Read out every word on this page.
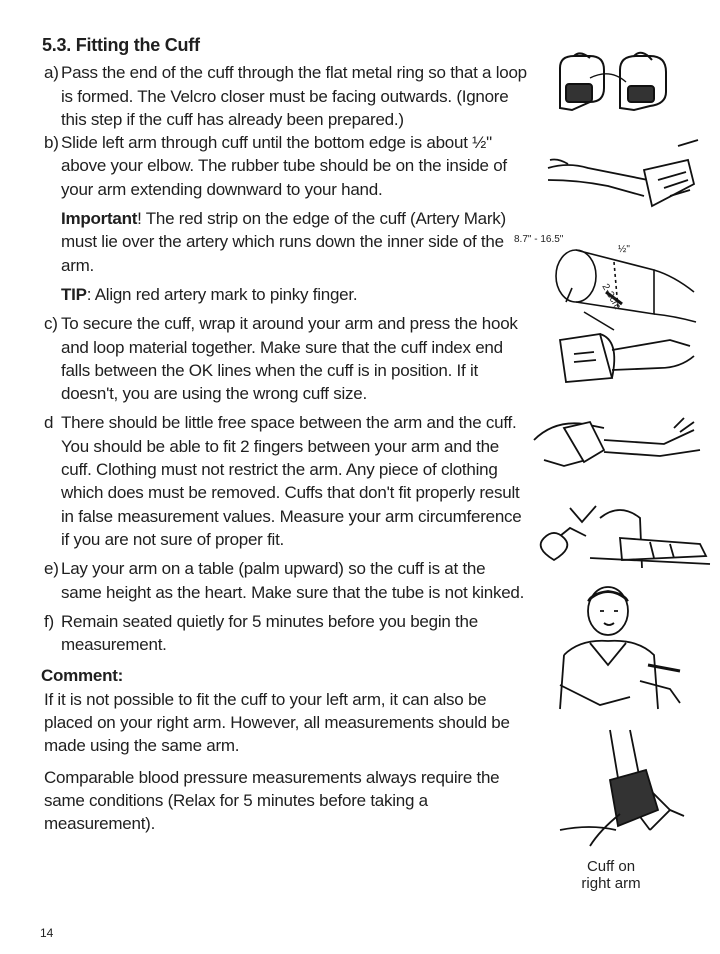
5.3. Fitting the Cuff
a) Pass the end of the cuff through the flat metal ring so that a loop is formed. The Velcro closer must be facing outwards. (Ignore this step if the cuff has already been prepared.)
b) Slide left arm through cuff until the bottom edge is about ½" above your elbow. The rubber tube should be on the inside of your arm extending downward to your hand.
Important! The red strip on the edge of the cuff (Artery Mark) must lie over the artery which runs down the inner side of the arm.
TIP: Align red artery mark to pinky finger.
c) To secure the cuff, wrap it around your arm and press the hook and loop material together. Make sure that the cuff index end falls between the OK lines when the cuff is in position. If it doesn't, you are using the wrong cuff size.
d There should be little free space between the arm and the cuff. You should be able to fit 2 fingers between your arm and the cuff. Clothing must not restrict the arm. Any piece of clothing which does must be removed. Cuffs that don't fit properly result in false measurement values. Measure your arm circumference if you are not sure of proper fit.
e) Lay your arm on a table (palm upward) so the cuff is at the same height as the heart. Make sure that the tube is not kinked.
f) Remain seated quietly for 5 minutes before you begin the measurement.
Comment:
If it is not possible to fit the cuff to your left arm, it can also be placed on your right arm. However, all measurements should be made using the same arm.
Comparable blood pressure measurements always require the same conditions (Relax for 5 minutes before taking a measurement).
8.7" - 16.5"
½"
2-3cm
Cuff on
right arm
14
